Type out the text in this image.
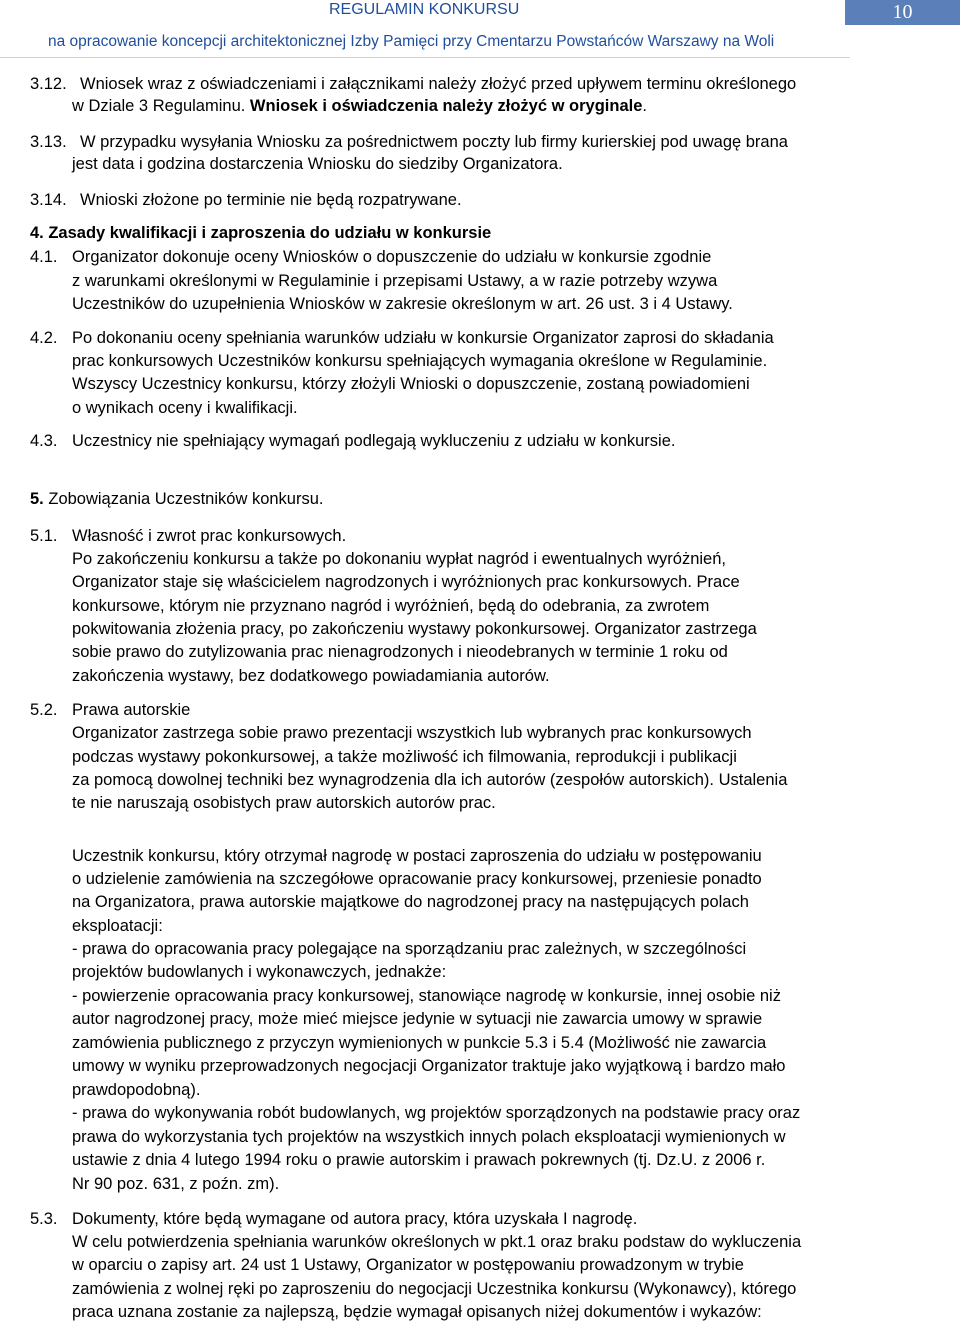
REGULAMIN KONKURSU
na opracowanie koncepcji architektonicznej Izby Pamięci przy Cmentarzu Powstańców Warszawy na Woli
10
3.12. Wniosek wraz z oświadczeniami i załącznikami należy złożyć przed upływem terminu określonego
w Dziale 3 Regulaminu. Wniosek i oświadczenia należy złożyć w oryginale.
3.13. W przypadku wysyłania Wniosku za pośrednictwem poczty lub firmy kurierskiej pod uwagę brana
jest data i godzina dostarczenia Wniosku do siedziby Organizatora.
3.14. Wnioski złożone po terminie nie będą rozpatrywane.
4. Zasady kwalifikacji i zaproszenia do udziału w konkursie
4.1. Organizator dokonuje oceny Wniosków o dopuszczenie do udziału w konkursie zgodnie
z warunkami określonymi w Regulaminie i przepisami Ustawy, a w razie potrzeby wzywa
Uczestników do uzupełnienia Wniosków w zakresie określonym w art. 26 ust. 3 i 4 Ustawy.
4.2. Po dokonaniu oceny spełniania warunków udziału w konkursie Organizator zaprosi do składania
prac konkursowych Uczestników konkursu spełniających wymagania określone w Regulaminie.
Wszyscy Uczestnicy konkursu, którzy złożyli Wnioski o dopuszczenie, zostaną powiadomieni
o wynikach oceny i kwalifikacji.
4.3. Uczestnicy nie spełniający wymagań podlegają wykluczeniu z udziału w konkursie.
5. Zobowiązania Uczestników konkursu.
5.1. Własność i zwrot prac konkursowych.
Po zakończeniu konkursu a także po dokonaniu wypłat nagród i ewentualnych wyróżnień,
Organizator staje się właścicielem nagrodzonych i wyróżnionych prac konkursowych. Prace
konkursowe, którym nie przyznano nagród i wyróżnień, będą do odebrania, za zwrotem
pokwitowania złożenia pracy, po zakończeniu wystawy pokonkursowej. Organizator zastrzega
sobie prawo do zutylizowania prac nienagrodzonych i nieodebranych w terminie 1 roku od
zakończenia wystawy, bez dodatkowego powiadamiania autorów.
5.2. Prawa autorskie
Organizator zastrzega sobie prawo prezentacji wszystkich lub wybranych prac konkursowych
podczas wystawy pokonkursowej, a także możliwość ich filmowania, reprodukcji i publikacji
za pomocą dowolnej techniki bez wynagrodzenia dla ich autorów (zespołów autorskich). Ustalenia
te nie naruszają osobistych praw autorskich autorów prac.
Uczestnik konkursu, który otrzymał nagrodę w postaci zaproszenia do udziału w postępowaniu
o udzielenie zamówienia na szczegółowe opracowanie pracy konkursowej, przeniesie ponadto
na Organizatora, prawa autorskie majątkowe do nagrodzonej pracy na następujących polach
eksploatacji:
- prawa do opracowania pracy polegające na sporządzaniu prac zależnych, w szczególności
projektów budowlanych i wykonawczych, jednakże:
- powierzenie opracowania pracy konkursowej, stanowiące nagrodę w konkursie, innej osobie niż
autor nagrodzonej pracy, może mieć miejsce jedynie w sytuacji nie zawarcia umowy w sprawie
zamówienia publicznego z przyczyn wymienionych w punkcie 5.3 i 5.4 (Możliwość nie zawarcia
umowy w wyniku przeprowadzonych negocjacji Organizator traktuje jako wyjątkową i bardzo mało
prawdopodobną).
- prawa do wykonywania robót budowlanych, wg projektów sporządzonych na podstawie pracy oraz
prawa do wykorzystania tych projektów na wszystkich innych polach eksploatacji wymienionych w
ustawie z dnia 4 lutego 1994 roku o prawie autorskim i prawach pokrewnych (tj. Dz.U. z 2006 r.
Nr 90 poz. 631, z poźn. zm).
5.3. Dokumenty, które będą wymagane od autora pracy, która uzyskała I nagrodę.
W celu potwierdzenia spełniania warunków określonych w pkt.1 oraz braku podstaw do wykluczenia
w oparciu o zapisy art. 24 ust 1 Ustawy, Organizator w postępowaniu prowadzonym w trybie
zamówienia z wolnej ręki po zaproszeniu do negocjacji Uczestnika konkursu (Wykonawcy), którego
praca uznana zostanie za najlepszą, będzie wymagał opisanych niżej dokumentów i wykazów:
